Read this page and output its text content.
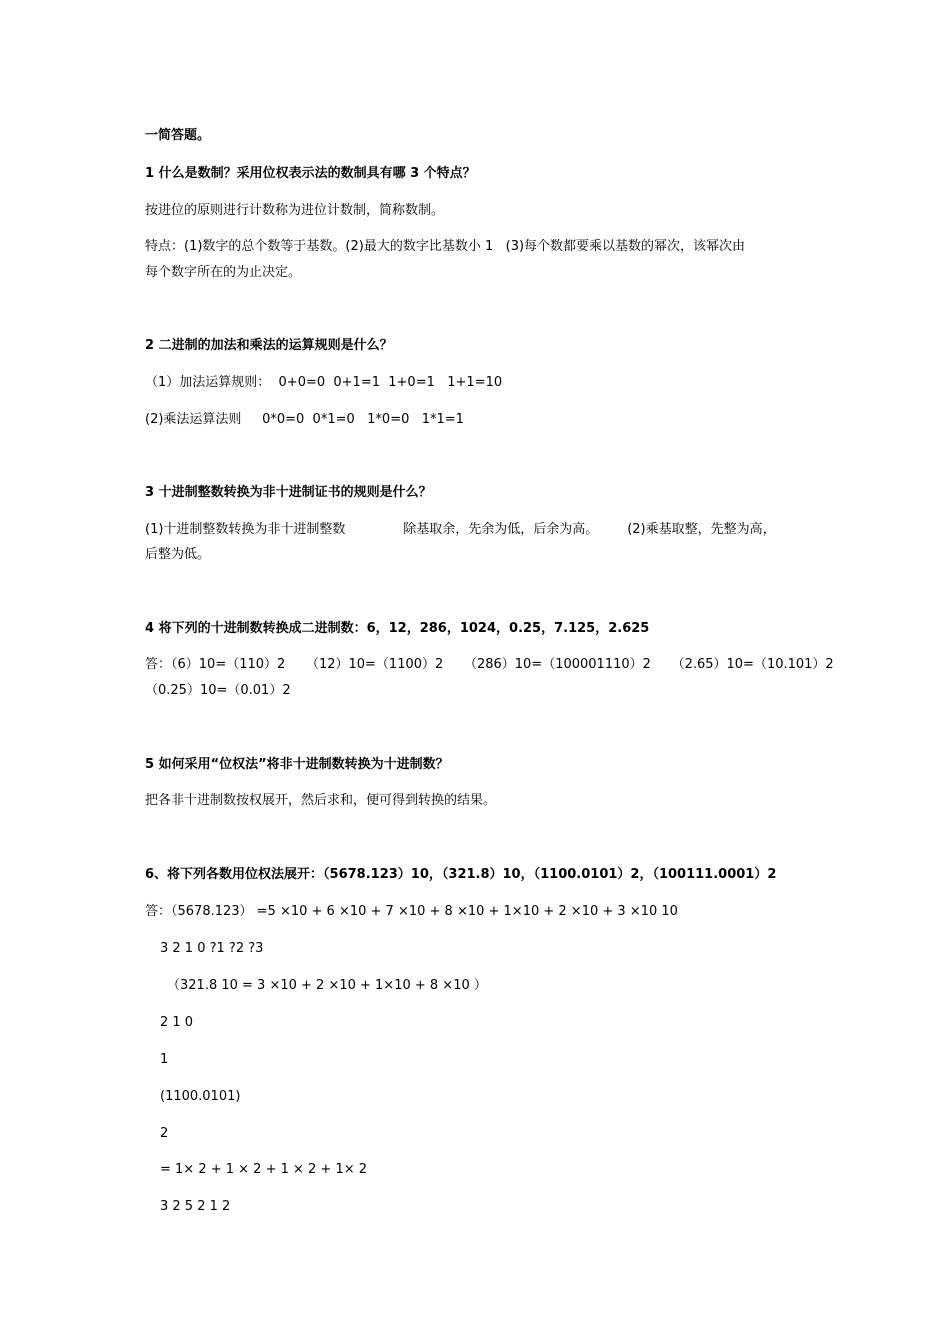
一简答题。
1 什么是数制？采用位权表示法的数制具有哪 3 个特点？
按进位的原则进行计数称为进位计数制，简称数制。
特点：(1)数字的总个数等于基数。(2)最大的数字比基数小 1   (3)每个数都要乘以基数的幂次，该幂次由
每个数字所在的为止决定。
2 二进制的加法和乘法的运算规则是什么？
（1）加法运算规则：  0+0=0  0+1=1  1+0=1   1+1=10
(2)乘法运算法则     0*0=0  0*1=0   1*0=0   1*1=1
3 十进制整数转换为非十进制证书的规则是什么？
(1)十进制整数转换为非十进制整数              除基取余，先余为低，后余为高。       (2)乘基取整，先整为高，
后整为低。
4 将下列的十进制数转换成二进制数：6，12，286，1024，0.25，7.125，2.625
答：（6）10=（110）2     （12）10=（1100）2     （286）10=（100001110）2     （2.65）10=（10.101）2
（0.25）10=（0.01）2
5 如何采用“位权法”将非十进制数转换为十进制数？
把各非十进制数按权展开，然后求和，便可得到转换的结果。
6、将下列各数用位权法展开：（5678.123）10，（321.8）10，（1100.0101）2，（100111.0001）2
答：（5678.123） =5 ×10 + 6 ×10 + 7 ×10 + 8 ×10 + 1×10 + 2 ×10 + 3 ×10 10
3 2 1 0 ?1 ?2 ?3
（321.8 10 = 3 ×10 + 2 ×10 + 1×10 + 8 ×10 ）
2 1 0
1
(1100.0101)
2
= 1× 2 + 1 × 2 + 1 × 2 + 1× 2
3 2 5 2 1 2
